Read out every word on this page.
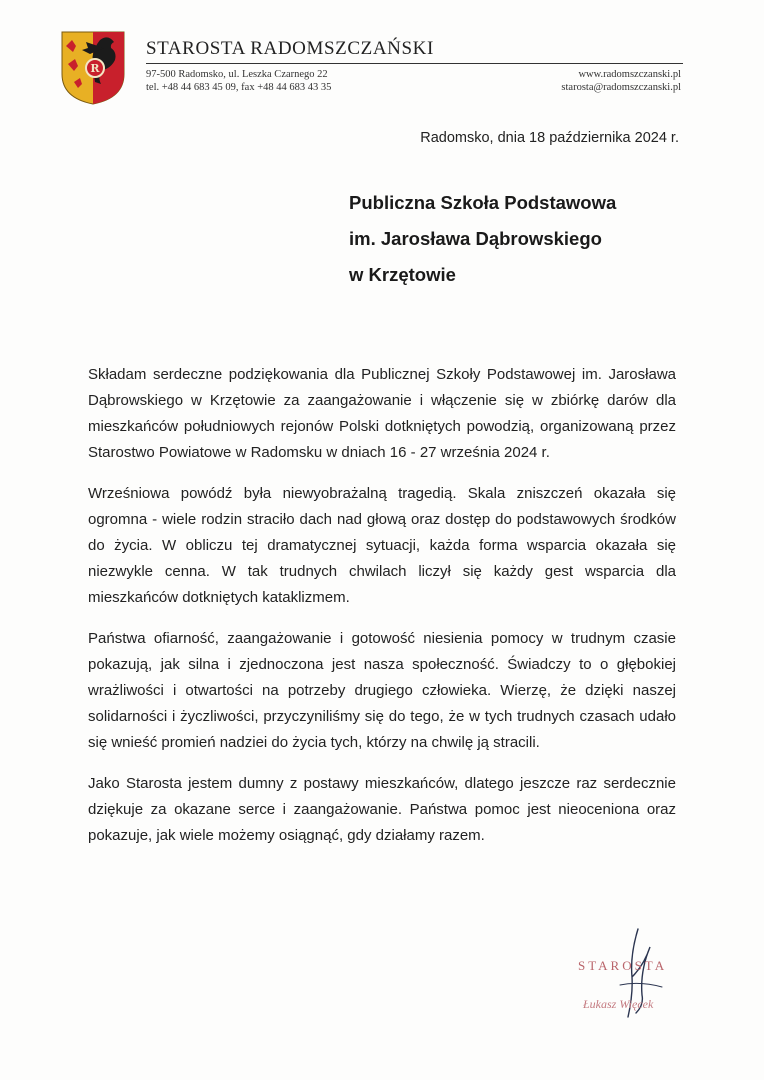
R
STAROSTA RADOMSZCZAŃSKI
97-500 Radomsko, ul. Leszka Czarnego 22
tel. +48 44 683 45 09, fax +48 44 683 43 35
www.radomszczanski.pl
starosta@radomszczanski.pl
Radomsko, dnia 18 października 2024 r.
Publiczna Szkoła Podstawowa
im. Jarosława Dąbrowskiego
w Krzętowie

Składam serdeczne podziękowania dla Publicznej Szkoły Podstawowej im. Jarosława Dąbrowskiego w Krzętowie za zaangażowanie i włączenie się w zbiórkę darów dla mieszkańców południowych rejonów Polski dotkniętych powodzią, organizowaną przez Starostwo Powiatowe w Radomsku w dniach 16 - 27 września 2024 r.

Wrześniowa powódź była niewyobrażalną tragedią. Skala zniszczeń okazała się ogromna - wiele rodzin straciło dach nad głową oraz dostęp do podstawowych środków do życia. W obliczu tej dramatycznej sytuacji, każda forma wsparcia okazała się niezwykle cenna. W tak trudnych chwilach liczył się każdy gest wsparcia dla mieszkańców dotkniętych kataklizmem.

Państwa ofiarność, zaangażowanie i gotowość niesienia pomocy w trudnym czasie pokazują, jak silna i zjednoczona jest nasza społeczność. Świadczy to o głębokiej wrażliwości i otwartości na potrzeby drugiego człowieka. Wierzę, że dzięki naszej solidarności i życzliwości, przyczyniliśmy się do tego, że w tych trudnych czasach udało się wnieść promień nadziei do życia tych, którzy na chwilę ją stracili.

Jako Starosta jestem dumny z postawy mieszkańców, dlatego jeszcze raz serdecznie dziękuje za okazane serce i zaangażowanie. Państwa pomoc jest nieoceniona oraz pokazuje, jak wiele możemy osiągnąć, gdy działamy razem.

STAROSTA
Łukasz Więcek
